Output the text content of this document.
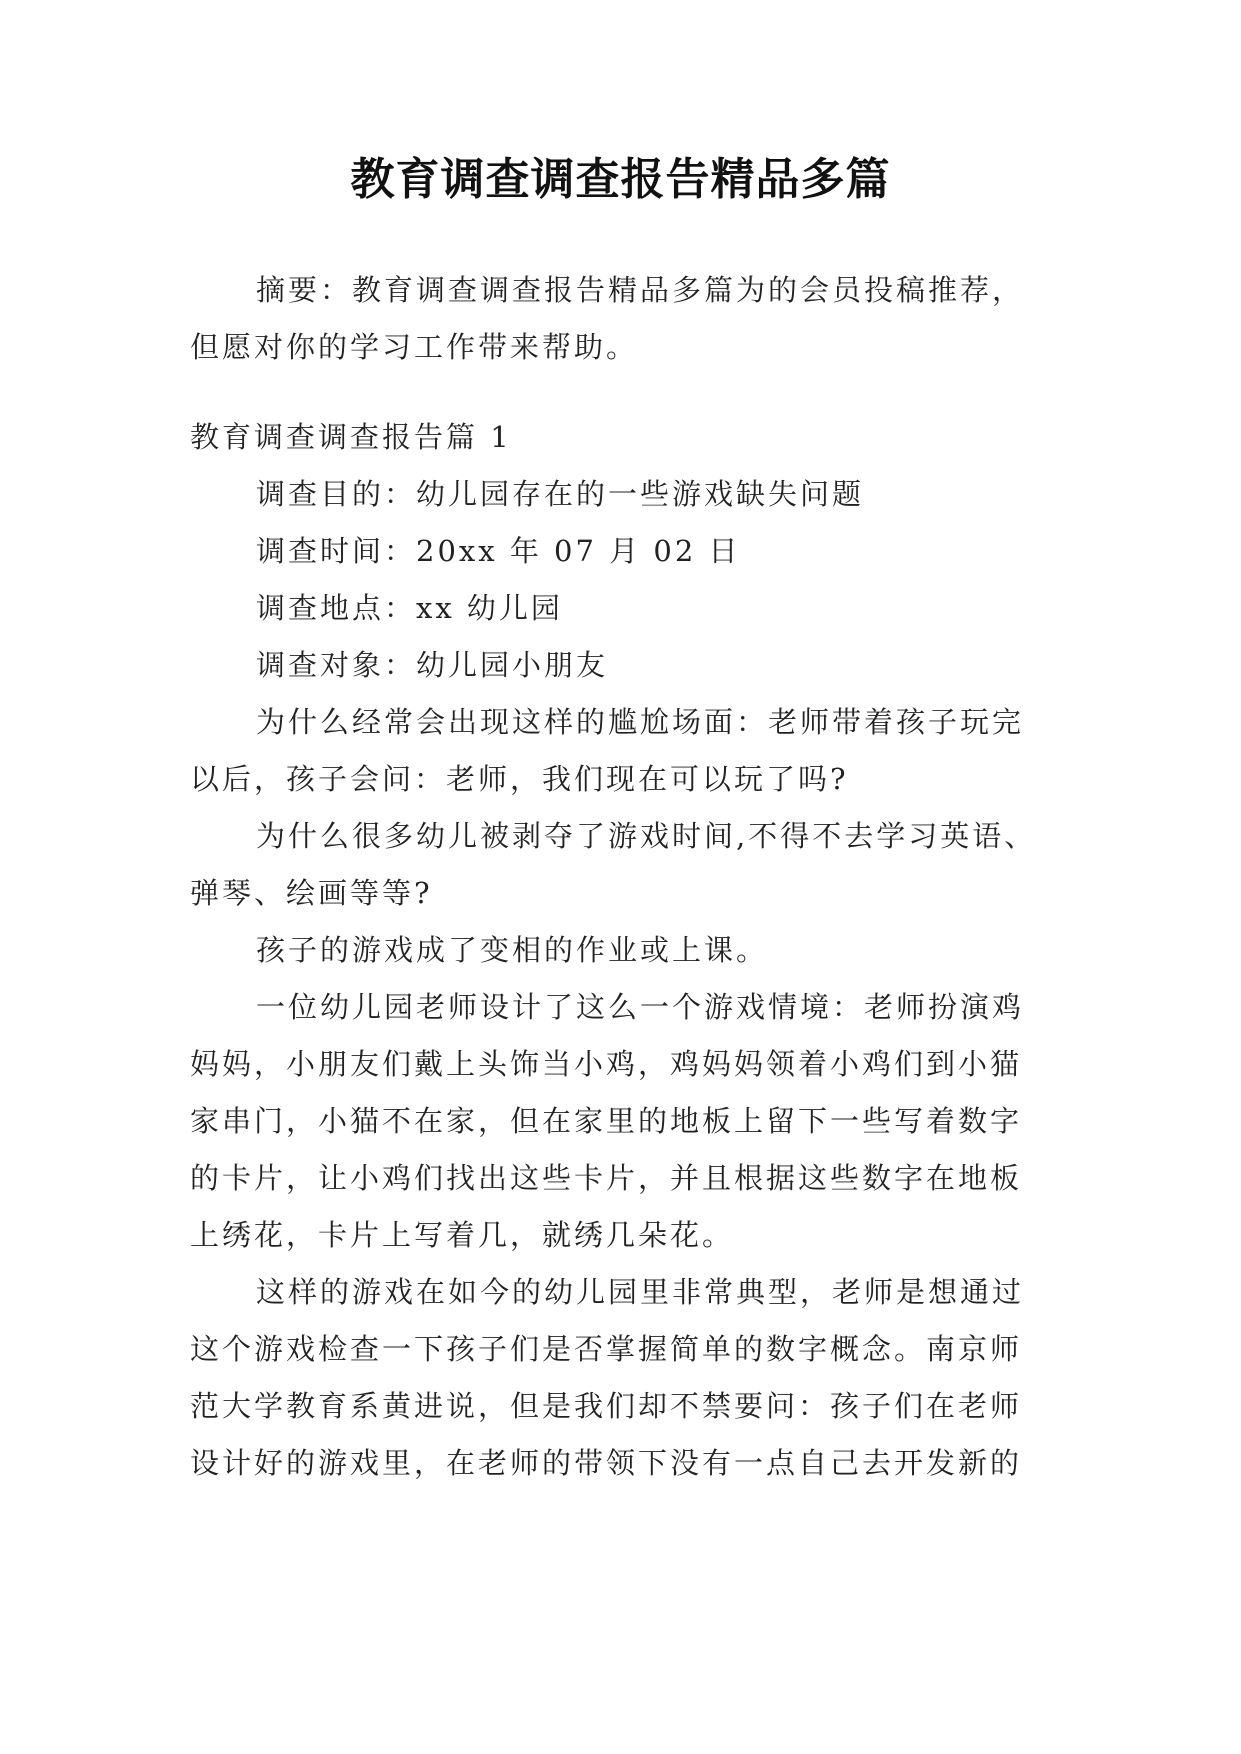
教育调查调查报告精品多篇

摘要：教育调查调查报告精品多篇为的会员投稿推荐，但愿对你的学习工作带来帮助。

教育调查调查报告篇 1

调查目的：幼儿园存在的一些游戏缺失问题

调查时间：20xx 年 07 月 02 日

调查地点：xx 幼儿园

调查对象：幼儿园小朋友

为什么经常会出现这样的尴尬场面：老师带着孩子玩完以后，孩子会问：老师，我们现在可以玩了吗?

为什么很多幼儿被剥夺了游戏时间,不得不去学习英语、弹琴、绘画等等?

孩子的游戏成了变相的作业或上课。

一位幼儿园老师设计了这么一个游戏情境：老师扮演鸡妈妈，小朋友们戴上头饰当小鸡，鸡妈妈领着小鸡们到小猫家串门，小猫不在家，但在家里的地板上留下一些写着数字的卡片，让小鸡们找出这些卡片，并且根据这些数字在地板上绣花，卡片上写着几，就绣几朵花。

这样的游戏在如今的幼儿园里非常典型，老师是想通过这个游戏检查一下孩子们是否掌握简单的数字概念。南京师范大学教育系黄进说，但是我们却不禁要问：孩子们在老师设计好的游戏里，在老师的带领下没有一点自己去开发新的
